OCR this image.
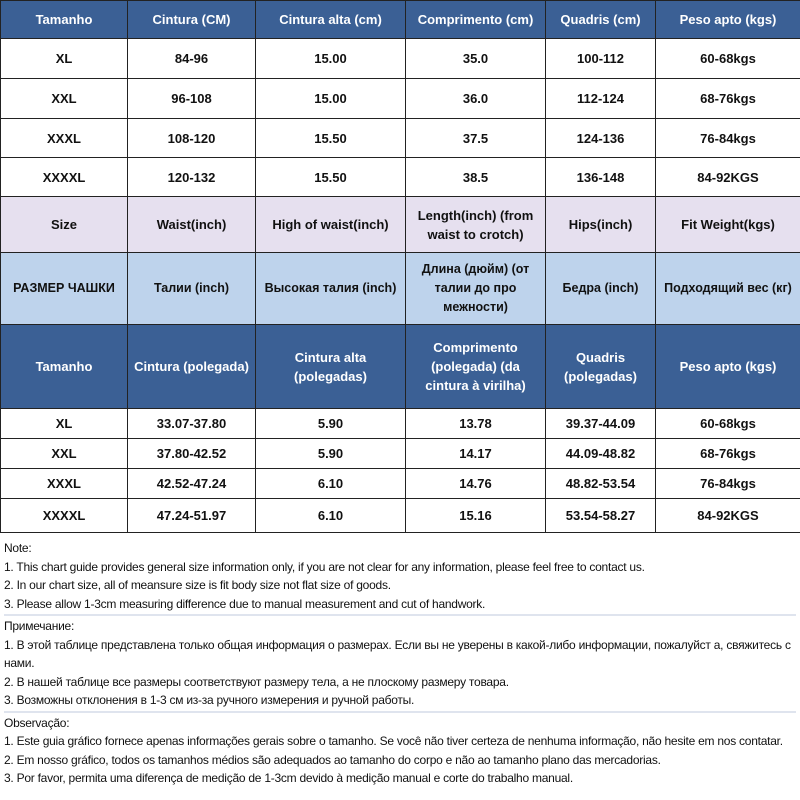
Tamanho	Cintura (CM)	Cintura alta (cm)	Comprimento (cm)	Quadris (cm)	Peso apto (kgs)
XL	84-96	15.00	35.0	100-112	60-68kgs
XXL	96-108	15.00	36.0	112-124	68-76kgs
XXXL	108-120	15.50	37.5	124-136	76-84kgs
XXXXL	120-132	15.50	38.5	136-148	84-92KGS
Size	Waist(inch)	High of waist(inch)	Length(inch) (from waist to crotch)	Hips(inch)	Fit Weight(kgs)
РАЗМЕР ЧАШКИ	Талии (inch)	Высокая талия (inch)	Длина (дюйм) (от талии до про межности)	Бедра (inch)	Подходящий вес (кг)
Tamanho	Cintura (polegada)	Cintura alta (polegadas)	Comprimento (polegada) (da cintura à virilha)	Quadris (polegadas)	Peso apto (kgs)
XL	33.07-37.80	5.90	13.78	39.37-44.09	60-68kgs
XXL	37.80-42.52	5.90	14.17	44.09-48.82	68-76kgs
XXXL	42.52-47.24	6.10	14.76	48.82-53.54	76-84kgs
XXXXL	47.24-51.97	6.10	15.16	53.54-58.27	84-92KGS
Note:
1. This chart guide provides general size information only, if you are not clear for any information, please feel free to contact us.
2. In our chart size, all of meansure size is fit body size not flat size of goods.
3. Please allow 1-3cm measuring difference due to manual measurement and cut of handwork.
Примечание:
1. В этой таблице представлена только общая информация о размерах. Если вы не уверены в какой-либо информации, пожалуйст а, свяжитесь с нами.
2. В нашей таблице все размеры соответствуют размеру тела, а не плоскому размеру товара.
3. Возможны отклонения в 1-3 см из-за ручного измерения и ручной работы.
Observação:
1. Este guia gráfico fornece apenas informações gerais sobre o tamanho. Se você não tiver certeza de nenhuma informação, não hesite em nos contatar.
2. Em nosso gráfico, todos os tamanhos médios são adequados ao tamanho do corpo e não ao tamanho plano das mercadorias.
3. Por favor, permita uma diferença de medição de 1-3cm devido à medição manual e corte do trabalho manual.
